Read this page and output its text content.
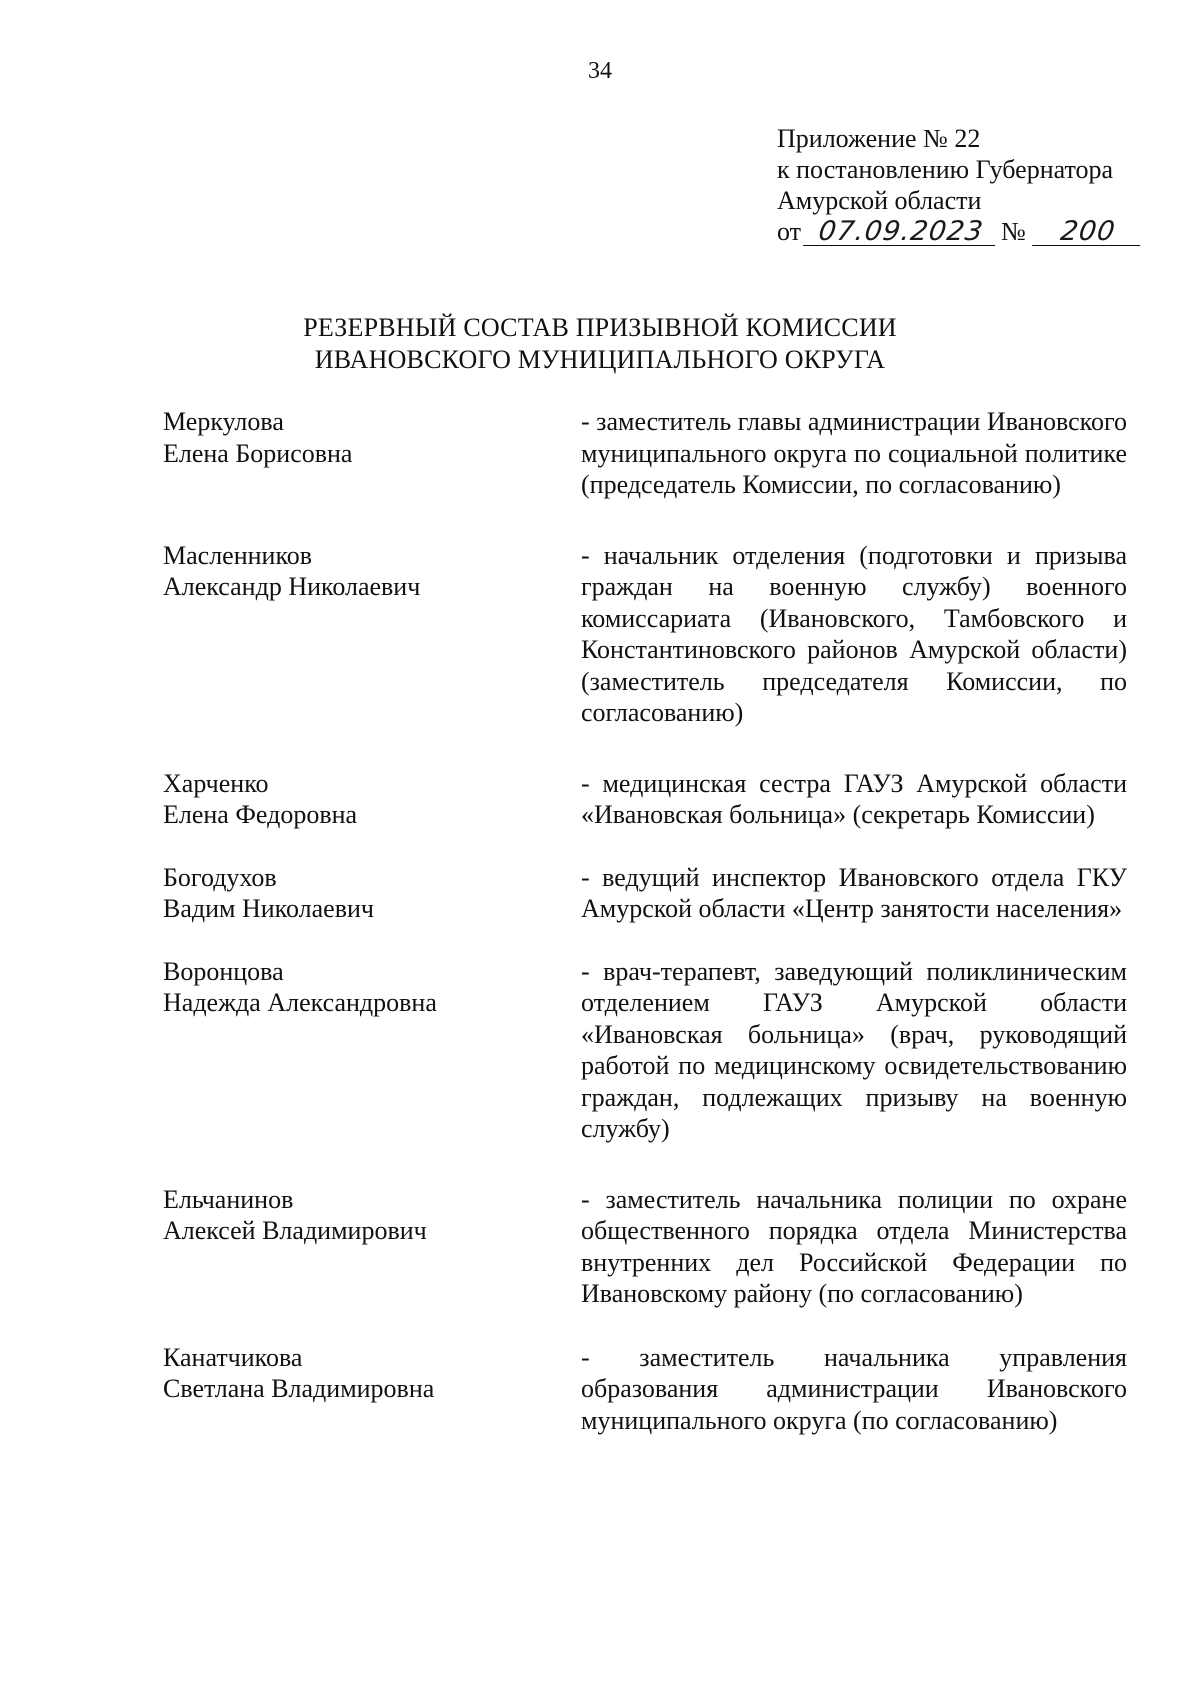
34
Приложение № 22
к постановлению Губернатора
Амурской области
от 07.09.2023 № 200
РЕЗЕРВНЫЙ СОСТАВ ПРИЗЫВНОЙ КОМИССИИ
ИВАНОВСКОГО МУНИЦИПАЛЬНОГО ОКРУГА
Меркулова
Елена Борисовна
- заместитель главы администрации Ивановского муниципального округа по социальной политике (председатель Комиссии, по согласованию)
Масленников
Александр Николаевич
- начальник отделения (подготовки и призыва граждан на военную службу) военного комиссариата (Ивановского, Тамбовского и Константиновского районов Амурской области) (заместитель председателя Комиссии, по согласованию)
Харченко
Елена Федоровна
- медицинская сестра ГАУЗ Амурской области «Ивановская больница» (секретарь Комиссии)
Богодухов
Вадим Николаевич
- ведущий инспектор Ивановского отдела ГКУ Амурской области «Центр занятости населения»
Воронцова
Надежда Александровна
- врач-терапевт, заведующий поликлиническим отделением ГАУЗ Амурской области «Ивановская больница» (врач, руководящий работой по медицинскому освидетельствованию граждан, подлежащих призыву на военную службу)
Ельчанинов
Алексей Владимирович
- заместитель начальника полиции по охране общественного порядка отдела Министерства внутренних дел Российской Федерации по Ивановскому району (по согласованию)
Канатчикова
Светлана Владимировна
- заместитель начальника управления образования администрации Ивановского муниципального округа (по согласованию)
